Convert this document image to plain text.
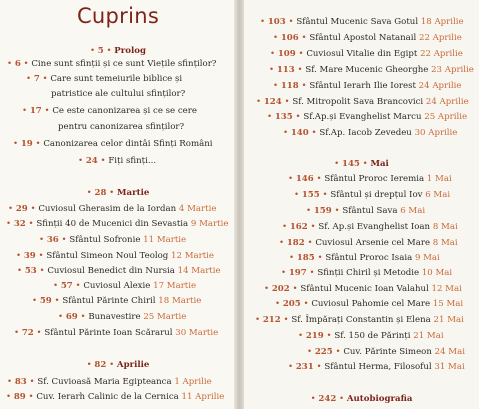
Cuprins
• 5 • Prolog
• 6 • Cine sunt sfinții și ce sunt Viețile sfinților?
• 7 • Care sunt temeiurile biblice și
patristice ale cultului sfinților?
• 17 • Ce este canonizarea și ce se cere
pentru canonizarea sfinților?
• 19 • Canonizarea celor dintâi Sfinți Români
• 24 • Fiți sfinți...
• 28 • Martie
• 29 • Cuviosul Gherasim de la Iordan 4 Martie
• 32 • Sfinții 40 de Mucenici din Sevastia 9 Martie
• 36 • Sfântul Sofronie 11 Martie
• 39 • Sfântul Simeon Noul Teolog 12 Martie
• 53 • Cuviosul Benedict din Nursia 14 Martie
• 57 • Cuviosul Alexie 17 Martie
• 59 • Sfântul Părinte Chiril 18 Martie
• 69 • Bunavestire 25 Martie
• 72 • Sfântul Părinte Ioan Scărarul 30 Martie
• 82 • Aprilie
• 83 • Sf. Cuvioasă Maria Egipteanca 1 Aprilie
• 89 • Cuv. Ierarh Calinic de la Cernica 11 Aprilie
• 103 • Sfântul Mucenic Sava Gotul 18 Aprilie
• 106 • Sfântul Apostol Natanail 22 Aprilie
• 109 • Cuviosul Vitalie din Egipt 22 Aprilie
• 113 • Sf. Mare Mucenic Gheorghe 23 Aprilie
• 118 • Sfântul Ierarh Ilie Iorest 24 Aprilie
• 124 • Sf. Mitropolit Sava Brancovici 24 Aprilie
• 135 • Sf.Ap.și Evanghelist Marcu 25 Aprilie
• 140 • Sf.Ap. Iacob Zevedeu 30 Aprilie
• 145 • Mai
• 146 • Sfântul Proroc Ieremia 1 Mai
• 155 • Sfântul și drepțul Iov 6 Mai
• 159 • Sfântul Sava 6 Mai
• 162 • Sf. Ap.și Evanghelist Ioan 8 Mai
• 182 • Cuviosul Arsenie cel Mare 8 Mai
• 185 • Sfântul Proroc Isaia 9 Mai
• 197 • Sfinții Chiril și Metodie 10 Mai
• 202 • Sfântul Mucenic Ioan Valahul 12 Mai
• 205 • Cuviosul Pahomie cel Mare 15 Mai
• 212 • Sf. Împărați Constantin și Elena 21 Mai
• 219 • Sf. 150 de Părinți 21 Mai
• 225 • Cuv. Părinte Simeon 24 Mai
• 231 • Sfântul Herma, Filosoful 31 Mai
• 242 • Autobiografia
